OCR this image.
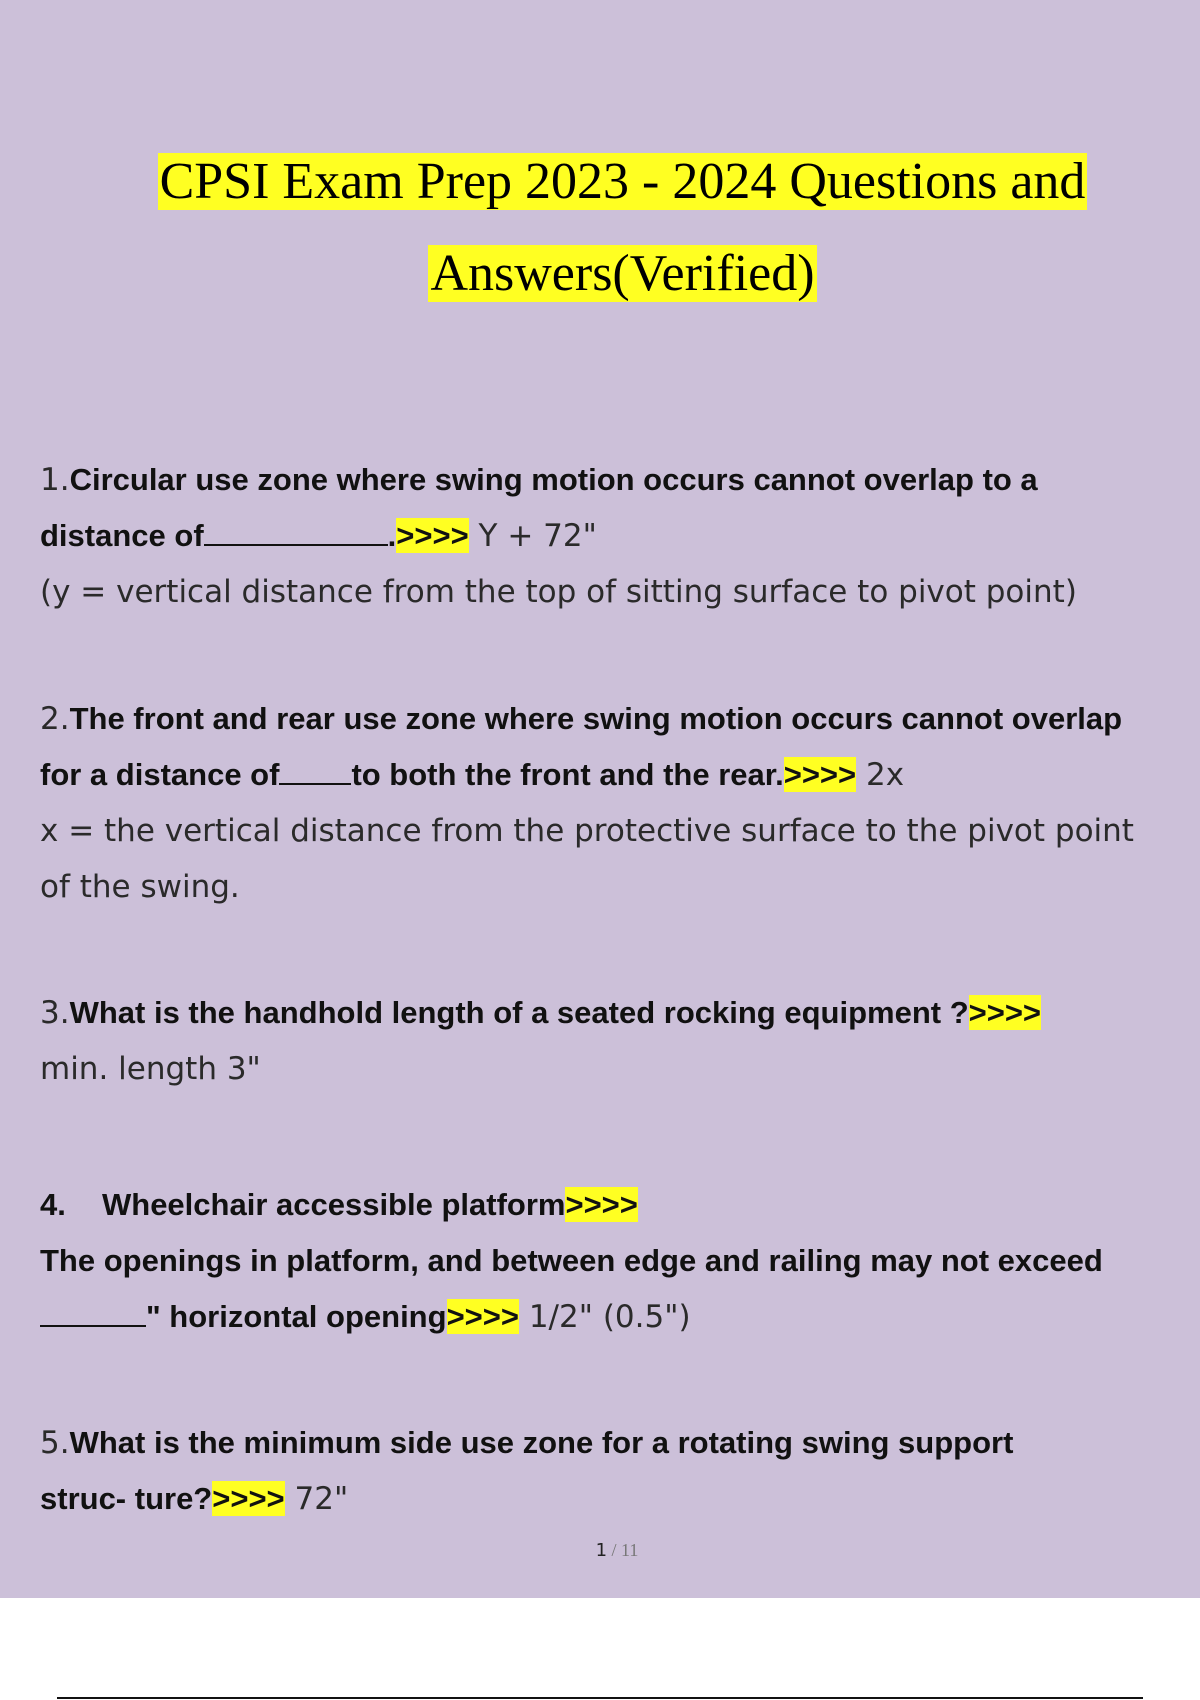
CPSI Exam Prep 2023 - 2024 Questions and
Answers(Verified)
1.Circular use zone where swing motion occurs cannot overlap to a
distance of	.>>>> Y + 72"
(y = vertical distance from the top of sitting surface to pivot point)
2.The front and rear use zone where swing motion occurs cannot overlap
for a distance of to both the front and the rear.>>>> 2x
x = the vertical distance from the protective surface to the pivot point
of the swing.
3.What is the handhold length of a seated rocking equipment ?>>>>
min. length 3"
4. Wheelchair accessible platform>>>>
The openings in platform, and between edge and railing may not exceed
" horizontal opening>>>> 1/2" (0.5")
5.What is the minimum side use zone for a rotating swing support
struc- ture?>>>> 72"
1 / 11
